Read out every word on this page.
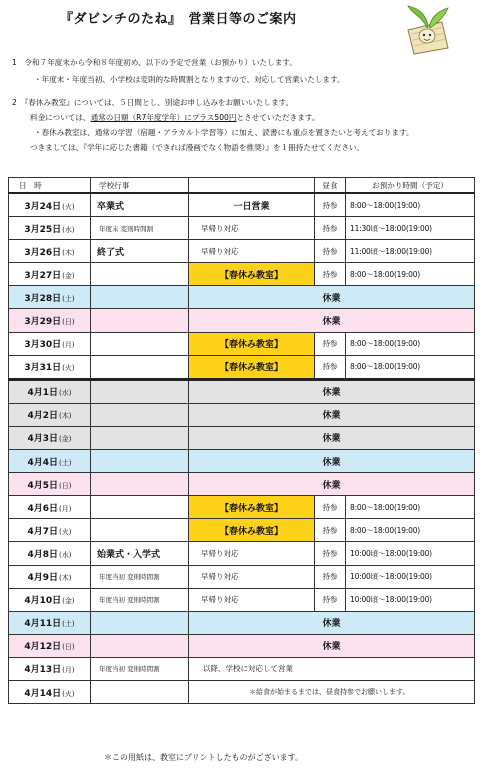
『ダビンチのたね』　営業日等のご案内
1　令和７年度末から令和８年度初め、以下の予定で営業（お預かり）いたします。
・年度末・年度当初、小学校は変則的な時間割となりますので、対応して営業いたします。
2　『春休み教室』については、５日間とし、別途お申し込みをお願いいたします。
料金については、通常の日額（R7年度学年）にプラス500円とさせていただきます。
・春休み教室は、通常の学習（宿題・アラカルト学習等）に加え、読書にも重点を置きたいと考えております。
つきましては、『学年に応じた書籍（できれば漫画でなく物語を推奨）』を１冊持たせてください。
日　時	学校行事		昼食	お預かり時間（予定）
3月24日(火)	卒業式	一日営業	持参	8:00～18:00(19:00)
3月25日(水)	年度末 変則時間割	早帰り対応	持参	11:30頃～18:00(19:00)
3月26日(木)	終了式	早帰り対応	持参	11:00頃～18:00(19:00)
3月27日(金)		【春休み教室】	持参	8:00～18:00(19:00)
3月28日(土)		休業		
3月29日(日)		休業		
3月30日(月)		【春休み教室】	持参	8:00～18:00(19:00)
3月31日(火)		【春休み教室】	持参	8:00～18:00(19:00)
4月1日(水)		休業		
4月2日(木)		休業		
4月3日(金)		休業		
4月4日(土)		休業		
4月5日(日)		休業		
4月6日(月)		【春休み教室】	持参	8:00～18:00(19:00)
4月7日(火)		【春休み教室】	持参	8:00～18:00(19:00)
4月8日(水)	始業式・入学式	早帰り対応	持参	10:00頃～18:00(19:00)
4月9日(木)	年度当初 変則時間割	早帰り対応	持参	10:00頃～18:00(19:00)
4月10日(金)	年度当初 変則時間割	早帰り対応	持参	10:00頃～18:00(19:00)
4月11日(土)		休業		
4月12日(日)		休業		
4月13日(月)	年度当初 変則時間割	以降、学校に対応して営業		
4月14日(火)		＊給食が始まるまでは、昼食持参でお願いします。		
＊この用紙は、教室にプリントしたものがございます。
